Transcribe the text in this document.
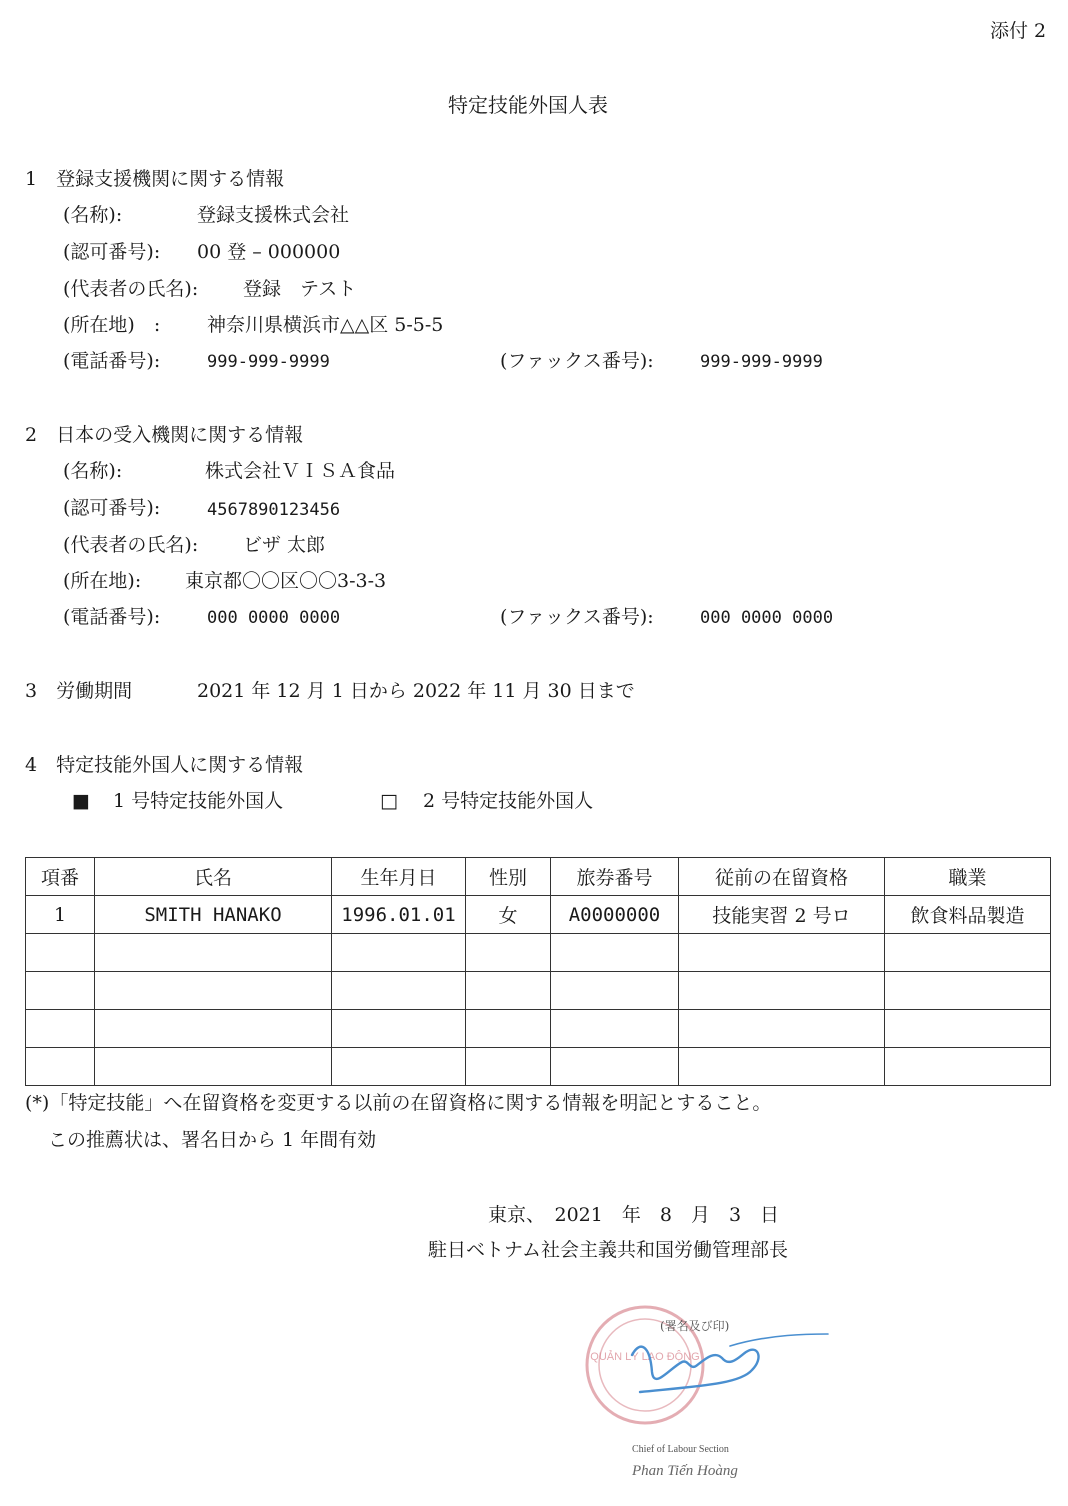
添付 2
特定技能外国人表
1　登録支援機関に関する情報
(名称):	登録支援株式会社
(認可番号): 00 登 – 000000
(代表者の氏名): 登録　テスト
(所在地)　: 神奈川県横浜市△△区 5-5-5
(電話番号):	999-999-9999	(ファックス番号):	999-999-9999
2　日本の受入機関に関する情報
(名称):	株式会社ＶＩＳＡ食品
(認可番号):	4567890123456
(代表者の氏名): ビザ 太郎
(所在地): 東京都〇〇区〇〇3-3-3
(電話番号):	000 0000 0000	(ファックス番号):	000 0000 0000
3　労働期間	2021 年 12 月 1 日から 2022 年 11 月 30 日まで
4　特定技能外国人に関する情報
■ 1 号特定技能外国人	□ 2 号特定技能外国人
項番	氏名	生年月日	性別	旅券番号	従前の在留資格	職業
1	SMITH HANAKO	1996.01.01	女	A0000000	技能実習 2 号ロ	飲食料品製造

(*)「特定技能」へ在留資格を変更する以前の在留資格に関する情報を明記とすること。
この推薦状は、署名日から 1 年間有効
東京、　2021　年　8　月　3　日
駐日ベトナム社会主義共和国労働管理部長
QUẢN LÝ LAO ĐỘNG
(署名及び印)
Chief of Labour Section
Phan Tiến Hoàng
